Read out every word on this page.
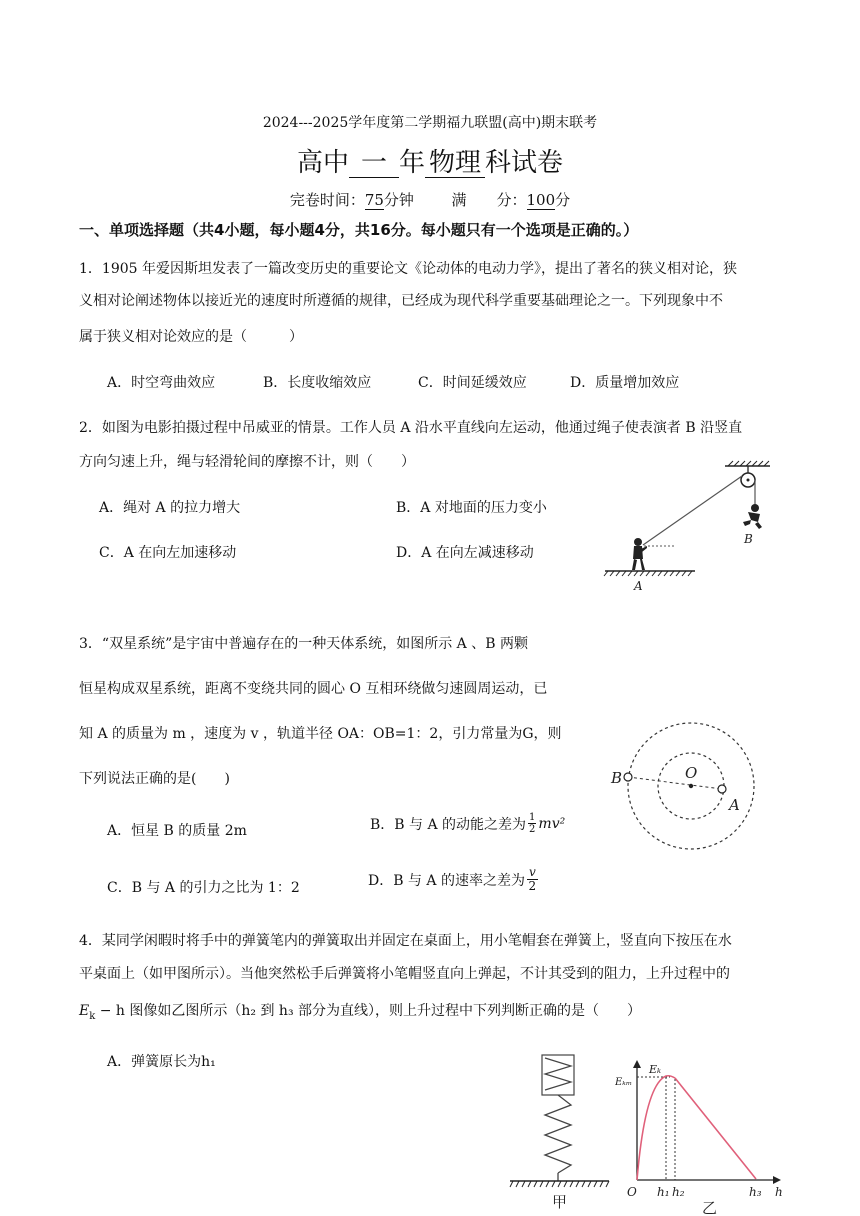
2024---2025学年度第二学期福九联盟(高中)期末联考
高中 一 年 物理 科试卷
完卷时间：75分钟	满　　分：100分
一、单项选择题（共4小题，每小题4分，共16分。每小题只有一个选项是正确的。）
1．1905 年爱因斯坦发表了一篇改变历史的重要论文《论动体的电动力学》，提出了著名的狭义相对论，狭
义相对论阐述物体以接近光的速度时所遵循的规律，已经成为现代科学重要基础理论之一。下列现象中不
属于狭义相对论效应的是（　　　）
A．时空弯曲效应	B．长度收缩效应	C．时间延缓效应	D．质量增加效应
2．如图为电影拍摄过程中吊威亚的情景。工作人员 A 沿水平直线向左运动，他通过绳子使表演者 B 沿竖直
方向匀速上升，绳与轻滑轮间的摩擦不计，则（　　）
A．绳对 A 的拉力增大	B．A 对地面的压力变小
C．A 在向左加速移动	D．A 在向左减速移动
B
A
3．“双星系统”是宇宙中普遍存在的一种天体系统，如图所示 A 、B 两颗
恒星构成双星系统，距离不变绕共同的圆心 O 互相环绕做匀速圆周运动，已
知 A 的质量为 m ，速度为 v ，轨道半径 OA：OB=1：2，引力常量为G，则
下列说法正确的是(　　)
A．恒星 B 的质量 2m	B．B 与 A 的动能之差为 $\frac{1}{2} mv^2$
C．B 与 A 的引力之比为 1：2	D．B 与 A 的速率之差为 $\frac{v}{2}$
B	O
A
4．某同学闲暇时将手中的弹簧笔内的弹簧取出并固定在桌面上，用小笔帽套在弹簧上，竖直向下按压在水
平桌面上（如甲图所示）。当他突然松手后弹簧将小笔帽竖直向上弹起，不计其受到的阻力，上升过程中的
$E_k - h$ 图像如乙图所示（h₂ 到 h₃ 部分为直线），则上升过程中下列判断正确的是（　　）
A．弹簧原长为h₁
甲
Eₖ
Eₖₘ
O h₁ h₂	h₃ h
乙
